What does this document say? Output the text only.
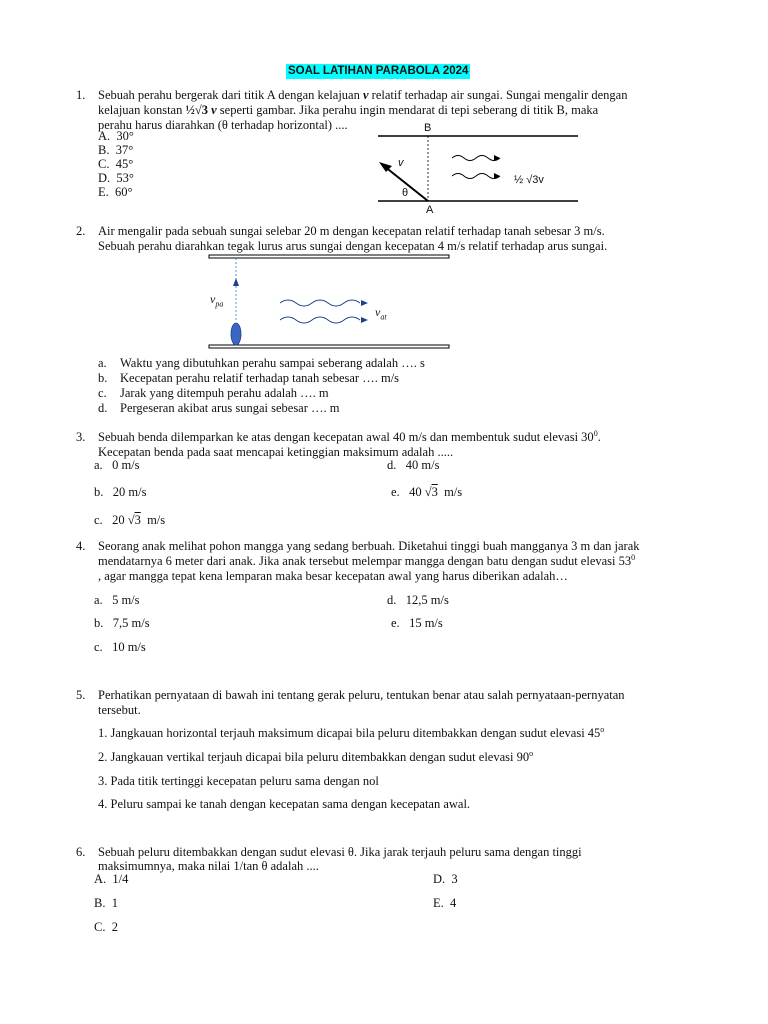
SOAL LATIHAN PARABOLA 2024
1. Sebuah perahu bergerak dari titik A dengan kelajuan v relatif terhadap air sungai. Sungai mengalir dengan
kelajuan konstan ½√3 v seperti gambar. Jika perahu ingin mendarat di tepi seberang di titik B, maka
perahu harus diarahkan (θ terhadap horizontal) ....
A. 30°
B. 37°
C. 45°
D. 53°
E. 60°
B
A
v
θ
½ √3v
2. Air mengalir pada sebuah sungai selebar 20 m dengan kecepatan relatif terhadap tanah sebesar 3 m/s.
Sebuah perahu diarahkan tegak lurus arus sungai dengan kecepatan 4 m/s relatif terhadap arus sungai.
$v_{pa}$
$v_{at}$
a. Waktu yang dibutuhkan perahu sampai seberang adalah …. s
b. Kecepatan perahu relatif terhadap tanah sebesar …. m/s
c. Jarak yang ditempuh perahu adalah …. m
d. Pergeseran akibat arus sungai sebesar …. m
3. Sebuah benda dilemparkan ke atas dengan kecepatan awal 40 m/s dan membentuk sudut elevasi $30^0$.
Kecepatan benda pada saat mencapai ketinggian maksimum adalah .....
a. 0 m/s	d. 40 m/s
b. 20 m/s	e. 40 √3 m/s
c. 20 √3 m/s
4. Seorang anak melihat pohon mangga yang sedang berbuah. Diketahui tinggi buah mangganya 3 m dan jarak
mendatarnya 6 meter dari anak. Jika anak tersebut melempar mangga dengan batu dengan sudut elevasi $53^0$
, agar mangga tepat kena lemparan maka besar kecepatan awal yang harus diberikan adalah…
a. 5 m/s	d. 12,5 m/s
b. 7,5 m/s	e. 15 m/s
c. 10 m/s
5. Perhatikan pernyataan di bawah ini tentang gerak peluru, tentukan benar atau salah pernyataan-pernyatan
tersebut.
1. Jangkauan horizontal terjauh maksimum dicapai bila peluru ditembakkan dengan sudut elevasi 45$^o$
2. Jangkauan vertikal terjauh dicapai bila peluru ditembakkan dengan sudut elevasi 90$^o$
3. Pada titik tertinggi kecepatan peluru sama dengan nol
4. Peluru sampai ke tanah dengan kecepatan sama dengan kecepatan awal.
6. Sebuah peluru ditembakkan dengan sudut elevasi θ. Jika jarak terjauh peluru sama dengan tinggi
maksimumnya, maka nilai 1/tan θ adalah ....
A. 1/4	D. 3
B. 1	E. 4
C. 2
